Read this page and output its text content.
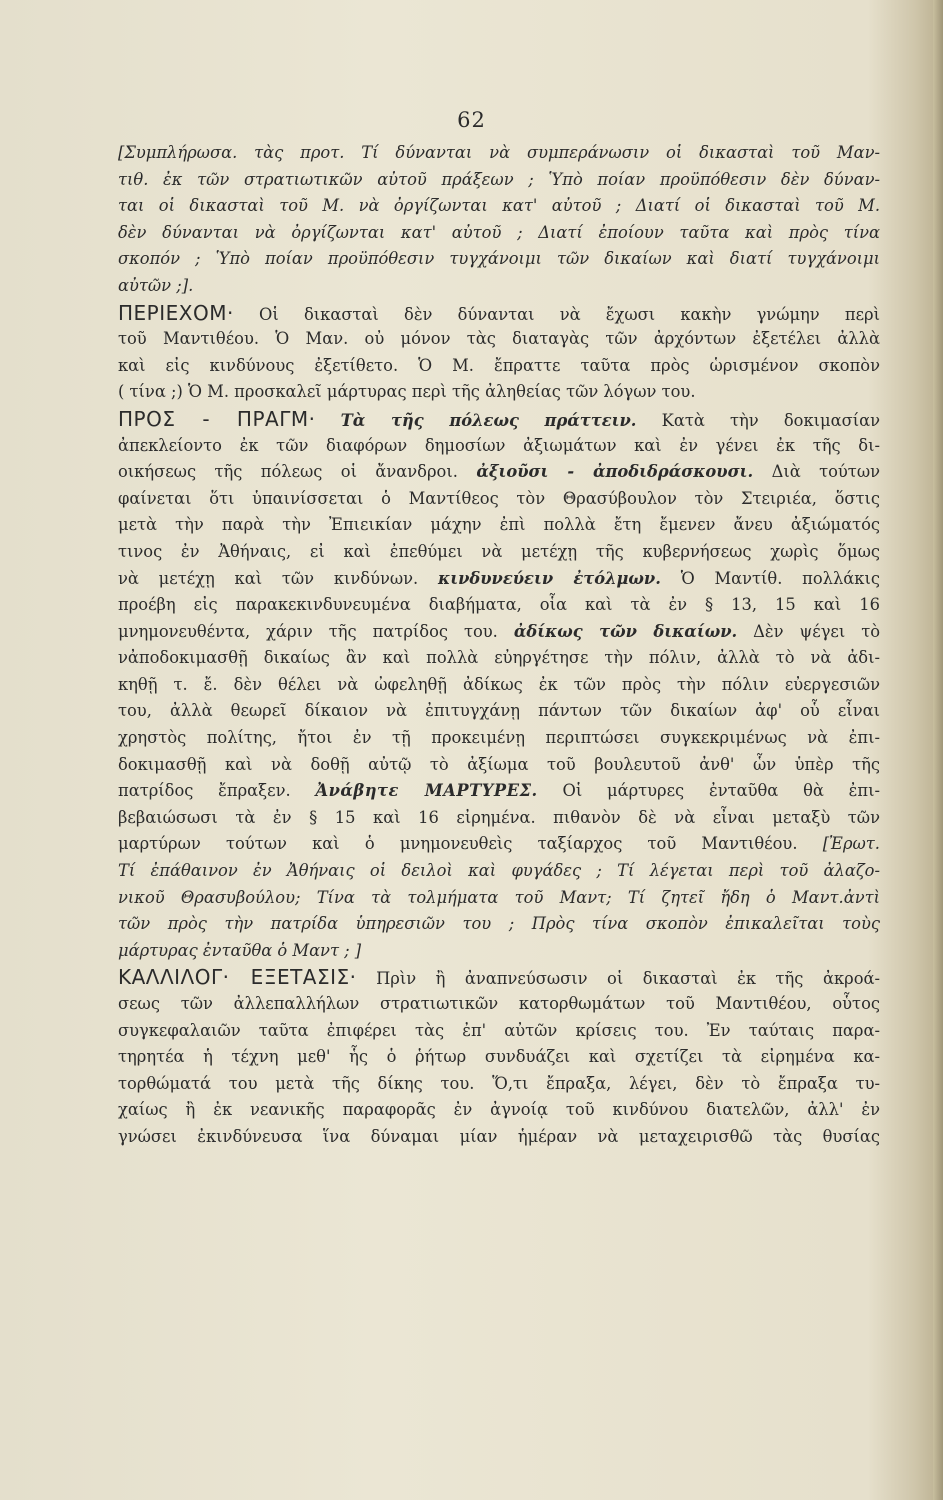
62
[Συμπλήρωσα. τὰς προτ. Τί δύνανται νὰ συμπεράνωσιν οἱ δικασταὶ τοῦ Μαν-
τιθ. ἐκ τῶν στρατιωτικῶν αὐτοῦ πράξεων ; Ὑπὸ ποίαν προϋπόθεσιν δὲν δύναν-
ται οἱ δικασταὶ τοῦ Μ. νὰ ὀργίζωνται κατ' αὐτοῦ ; Διατί οἱ δικασταὶ τοῦ Μ.
δὲν δύνανται νὰ ὀργίζωνται κατ' αὐτοῦ ; Διατί ἐποίουν ταῦτα καὶ πρὸς τίνα
σκοπόν ; Ὑπὸ ποίαν προϋπόθεσιν τυγχάνοιμι τῶν δικαίων καὶ διατί τυγχάνοιμι
αὐτῶν ;].
ΠΕΡΙΕΧΟΜ· Οἱ δικασταὶ δὲν δύνανται νὰ ἔχωσι κακὴν γνώμην περὶ
τοῦ Μαντιθέου. Ὁ Μαν. οὐ μόνον τὰς διαταγὰς τῶν ἀρχόντων ἐξετέλει ἀλλὰ
καὶ εἰς κινδύνους ἐξετίθετο. Ὁ Μ. ἔπραττε ταῦτα πρὸς ὡρισμένον σκοπὸν
( τίνα ;) Ὁ Μ. προσκαλεῖ μάρτυρας περὶ τῆς ἀληθείας τῶν λόγων του.
ΠΡΟΣ - ΠΡΑΓΜ· Τὰ τῆς πόλεως πράττειν. Κατὰ τὴν δοκιμασίαν
ἀπεκλείοντο ἐκ τῶν διαφόρων δημοσίων ἀξιωμάτων καὶ ἐν γένει ἐκ τῆς δι-
οικήσεως τῆς πόλεως οἱ ἄνανδροι. ἀξιοῦσι - ἀποδιδράσκουσι. Διὰ τούτων
φαίνεται ὅτι ὑπαινίσσεται ὁ Μαντίθεος τὸν Θρασύβουλον τὸν Στειριέα, ὅστις
μετὰ τὴν παρὰ τὴν Ἐπιεικίαν μάχην ἐπὶ πολλὰ ἔτη ἔμενεν ἄνευ ἀξιώματός
τινος ἐν Ἀθήναις, εἰ καὶ ἐπεθύμει νὰ μετέχῃ τῆς κυβερνήσεως χωρὶς ὅμως
νὰ μετέχῃ καὶ τῶν κινδύνων. κινδυνεύειν ἐτόλμων. Ὁ Μαντίθ. πολλάκις
προέβη εἰς παρακεκινδυνευμένα διαβήματα, οἷα καὶ τὰ ἐν § 13, 15 καὶ 16
μνημονευθέντα, χάριν τῆς πατρίδος του. ἀδίκως τῶν δικαίων. Δὲν ψέγει τὸ
νἀποδοκιμασθῇ δικαίως ἂν καὶ πολλὰ εὐηργέτησε τὴν πόλιν, ἀλλὰ τὸ νὰ ἀδι-
κηθῇ τ. ἔ. δὲν θέλει νὰ ὠφεληθῇ ἀδίκως ἐκ τῶν πρὸς τὴν πόλιν εὐεργεσιῶν
του, ἀλλὰ θεωρεῖ δίκαιον νὰ ἐπιτυγχάνῃ πάντων τῶν δικαίων ἀφ' οὗ εἶναι
χρηστὸς πολίτης, ἤτοι ἐν τῇ προκειμένῃ περιπτώσει συγκεκριμένως νὰ ἐπι-
δοκιμασθῇ καὶ νὰ δοθῇ αὐτῷ τὸ ἀξίωμα τοῦ βουλευτοῦ ἀνθ' ὧν ὑπὲρ τῆς
πατρίδος ἔπραξεν. Ἀνάβητε ΜΑΡΤΥΡΕΣ. Οἱ μάρτυρες ἐνταῦθα θὰ ἐπι-
βεβαιώσωσι τὰ ἐν § 15 καὶ 16 εἰρημένα. πιθανὸν δὲ νὰ εἶναι μεταξὺ τῶν
μαρτύρων τούτων καὶ ὁ μνημονευθεὶς ταξίαρχος τοῦ Μαντιθέου. [Ἐρωτ.
Τί ἐπάθαινον ἐν Ἀθήναις οἱ δειλοὶ καὶ φυγάδες ; Τί λέγεται περὶ τοῦ ἀλαζο-
νικοῦ Θρασυβούλου; Τίνα τὰ τολμήματα τοῦ Μαντ; Τί ζητεῖ ἤδη ὁ Μαντ.ἀντὶ
τῶν πρὸς τὴν πατρίδα ὑπηρεσιῶν του ; Πρὸς τίνα σκοπὸν ἐπικαλεῖται τοὺς
μάρτυρας ἐνταῦθα ὁ Μαντ ; ]
ΚΑΛΛΙΛΟΓ· ΕΞΕΤΑΣΙΣ· Πρὶν ἢ ἀναπνεύσωσιν οἱ δικασταὶ ἐκ τῆς ἀκροά-
σεως τῶν ἀλλεπαλλήλων στρατιωτικῶν κατορθωμάτων τοῦ Μαντιθέου, οὗτος
συγκεφαλαιῶν ταῦτα ἐπιφέρει τὰς ἐπ' αὐτῶν κρίσεις του. Ἐν ταύταις παρα-
τηρητέα ἡ τέχνη μεθ' ἧς ὁ ῥήτωρ συνδυάζει καὶ σχετίζει τὰ εἰρημένα κα-
τορθώματά του μετὰ τῆς δίκης του. Ὅ,τι ἔπραξα, λέγει, δὲν τὸ ἔπραξα τυ-
χαίως ἢ ἐκ νεανικῆς παραφορᾶς ἐν ἀγνοίᾳ τοῦ κινδύνου διατελῶν, ἀλλ' ἐν
γνώσει ἐκινδύνευσα ἵνα δύναμαι μίαν ἡμέραν νὰ μεταχειρισθῶ τὰς θυσίας
